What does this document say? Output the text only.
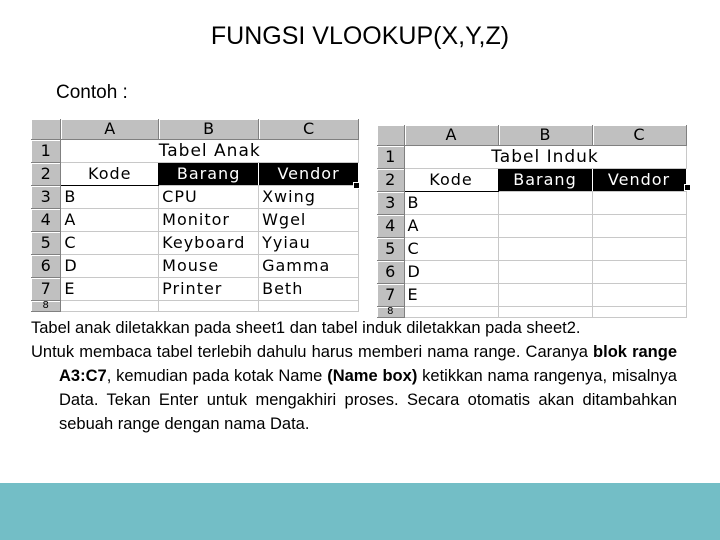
FUNGSI VLOOKUP(X,Y,Z)
Contoh :
	A	B	C
1	Tabel Anak		
2	Kode	Barang	Vendor
3	B	CPU	Xwing
4	A	Monitor	Wgel
5	C	Keyboard	Yyiau
6	D	Mouse	Gamma
7	E	Printer	Beth
8			
	A	B	C
1	Tabel Induk		
2	Kode	Barang	Vendor
3	B		
4	A		
5	C		
6	D		
7	E		
8			

Tabel anak diletakkan pada sheet1 dan tabel induk diletakkan pada sheet2.

Untuk membaca tabel terlebih dahulu harus memberi nama range. Caranya blok range A3:C7, kemudian pada kotak Name (Name box) ketikkan nama rangenya, misalnya Data. Tekan Enter untuk mengakhiri proses. Secara otomatis akan ditambahkan sebuah range dengan nama Data.
